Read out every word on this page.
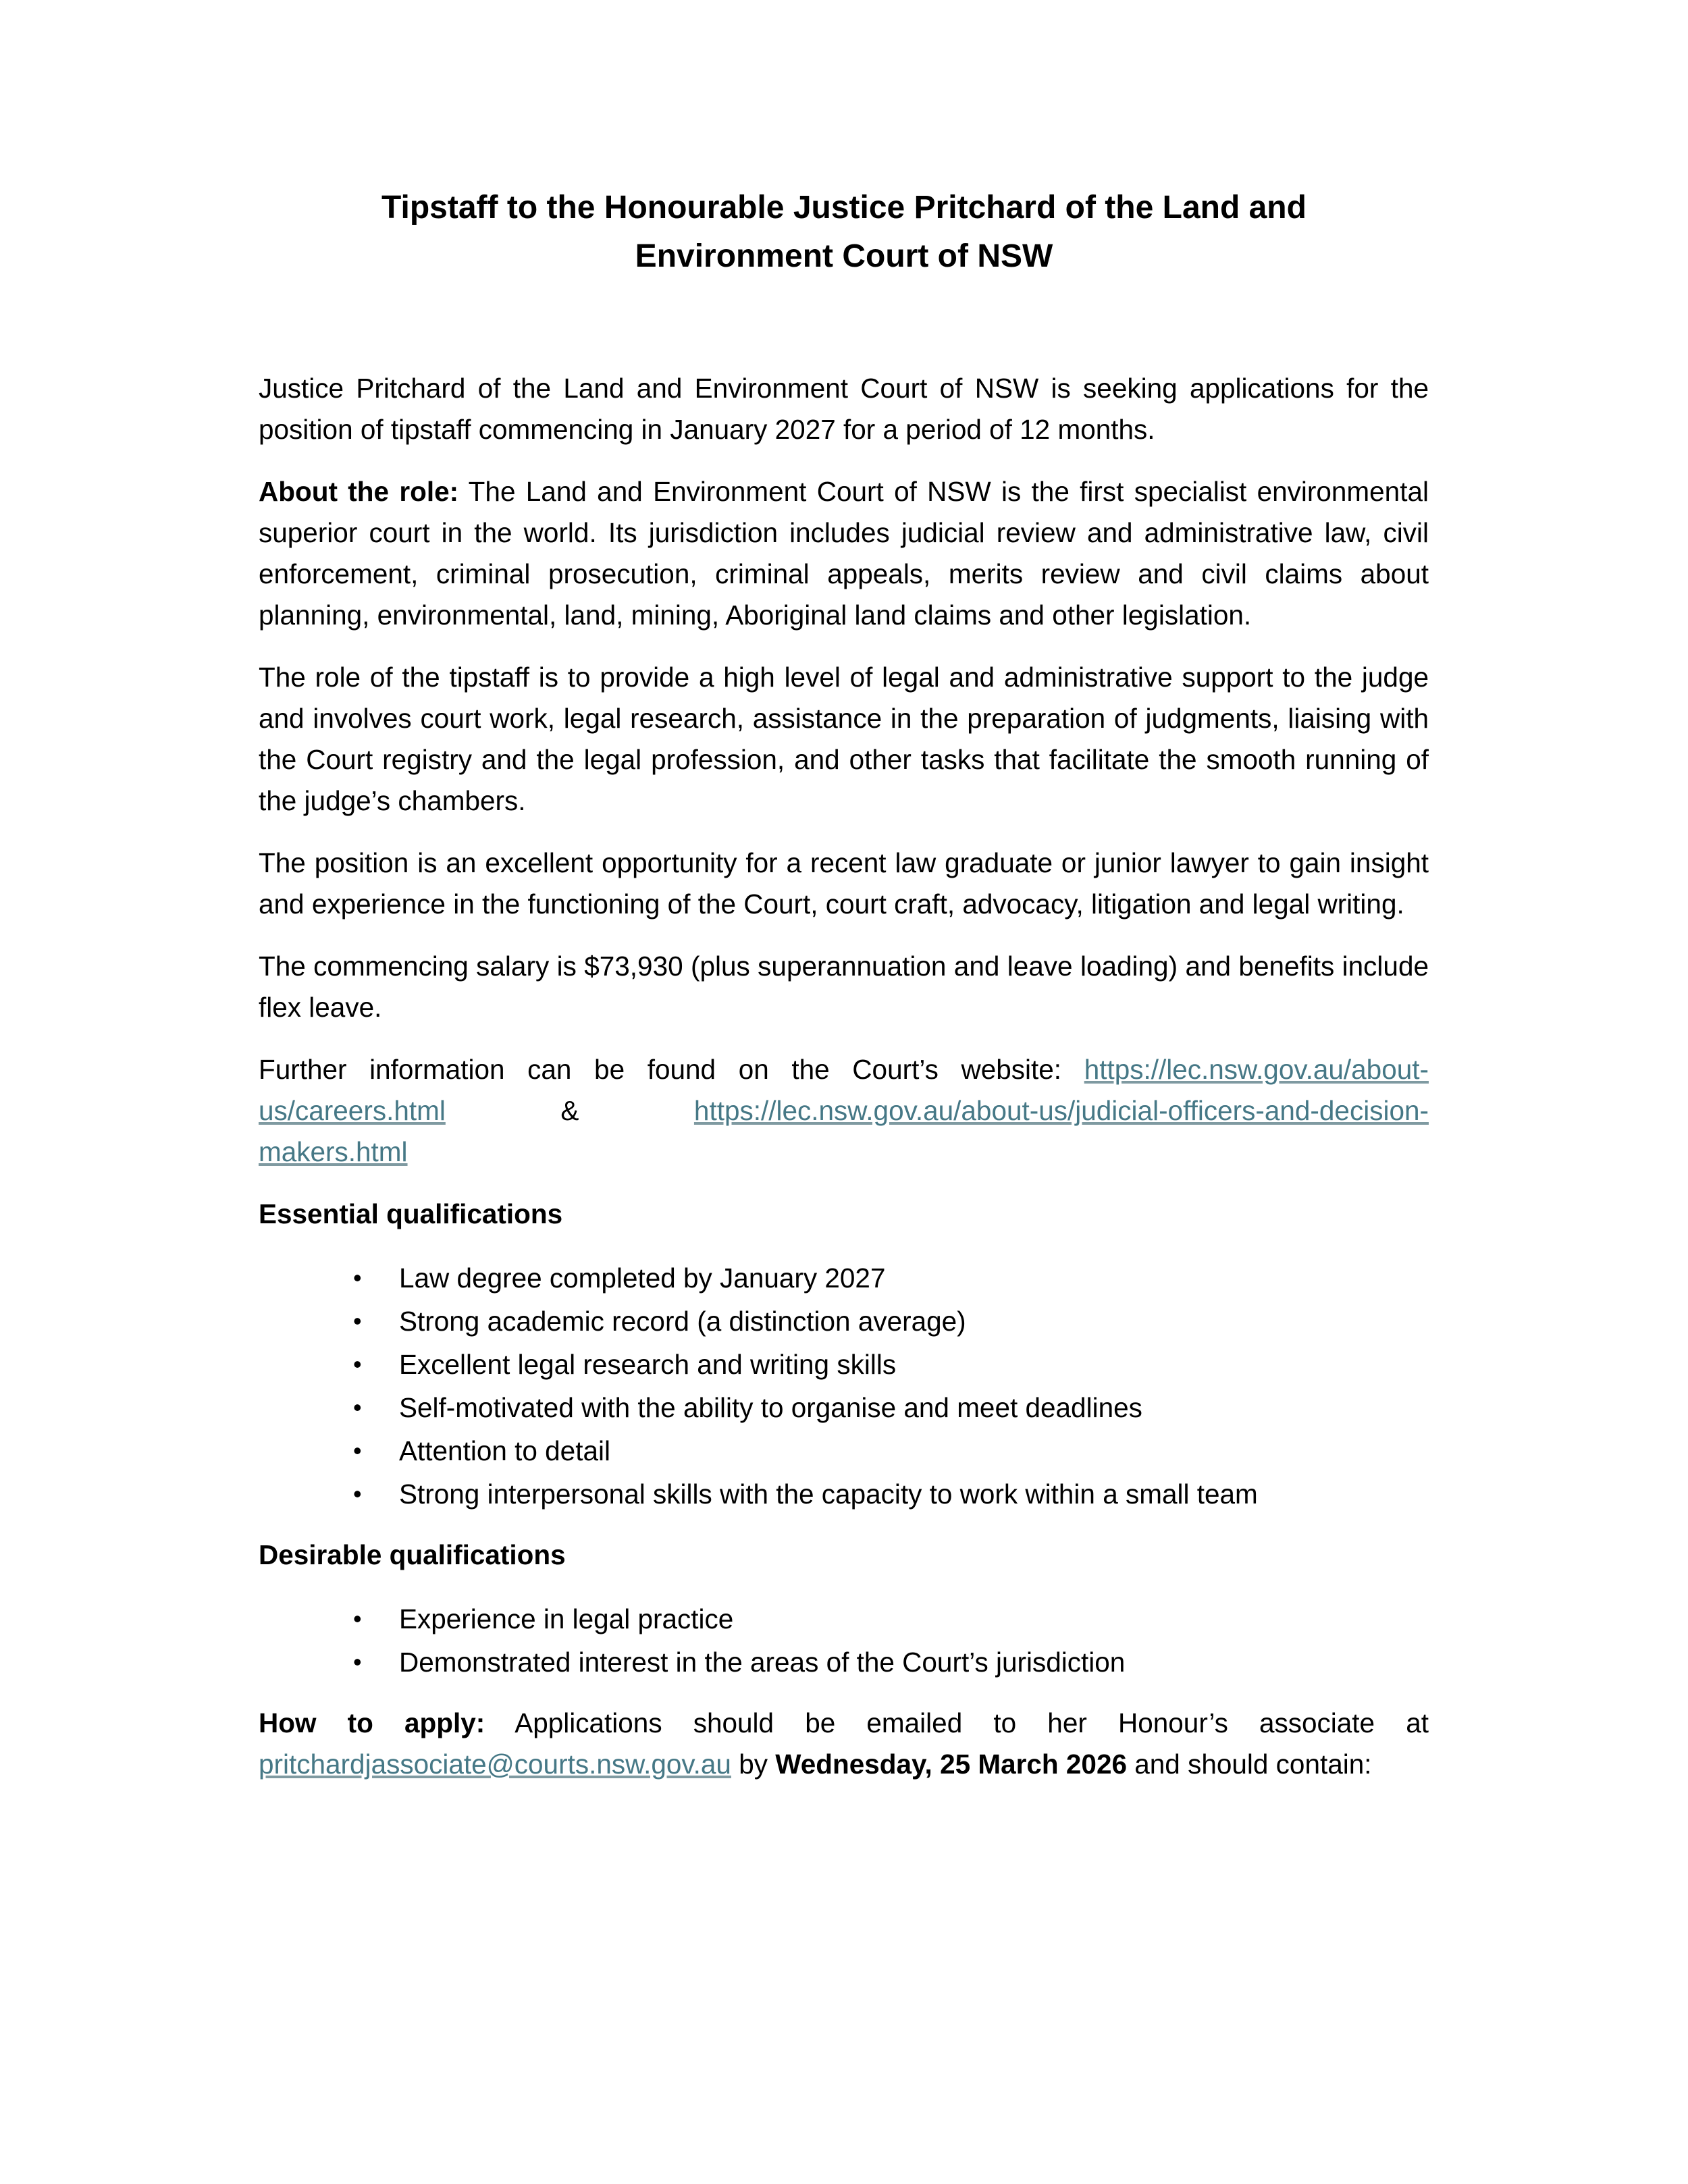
Tipstaff to the Honourable Justice Pritchard of the Land and
Environment Court of NSW

Justice Pritchard of the Land and Environment Court of NSW is seeking applications for the position of tipstaff commencing in January 2027 for a period of 12 months.

About the role: The Land and Environment Court of NSW is the first specialist environmental superior court in the world. Its jurisdiction includes judicial review and administrative law, civil enforcement, criminal prosecution, criminal appeals, merits review and civil claims about planning, environmental, land, mining, Aboriginal land claims and other legislation.

The role of the tipstaff is to provide a high level of legal and administrative support to the judge and involves court work, legal research, assistance in the preparation of judgments, liaising with the Court registry and the legal profession, and other tasks that facilitate the smooth running of the judge’s chambers.

The position is an excellent opportunity for a recent law graduate or junior lawyer to gain insight and experience in the functioning of the Court, court craft, advocacy, litigation and legal writing.

The commencing salary is $73,930 (plus superannuation and leave loading) and benefits include flex leave.

Further information can be found on the Court’s website: https://lec.nsw.gov.au/about-us/careers.html	&	https://lec.nsw.gov.au/about-us/judicial-officers-and-decision-makers.html

Essential qualifications
• Law degree completed by January 2027
• Strong academic record (a distinction average)
• Excellent legal research and writing skills
• Self-motivated with the ability to organise and meet deadlines
• Attention to detail
• Strong interpersonal skills with the capacity to work within a small team
Desirable qualifications
• Experience in legal practice
• Demonstrated interest in the areas of the Court’s jurisdiction

How to apply: Applications should be emailed to her Honour’s associate at pritchardjassociate@courts.nsw.gov.au by Wednesday, 25 March 2026 and should contain:
